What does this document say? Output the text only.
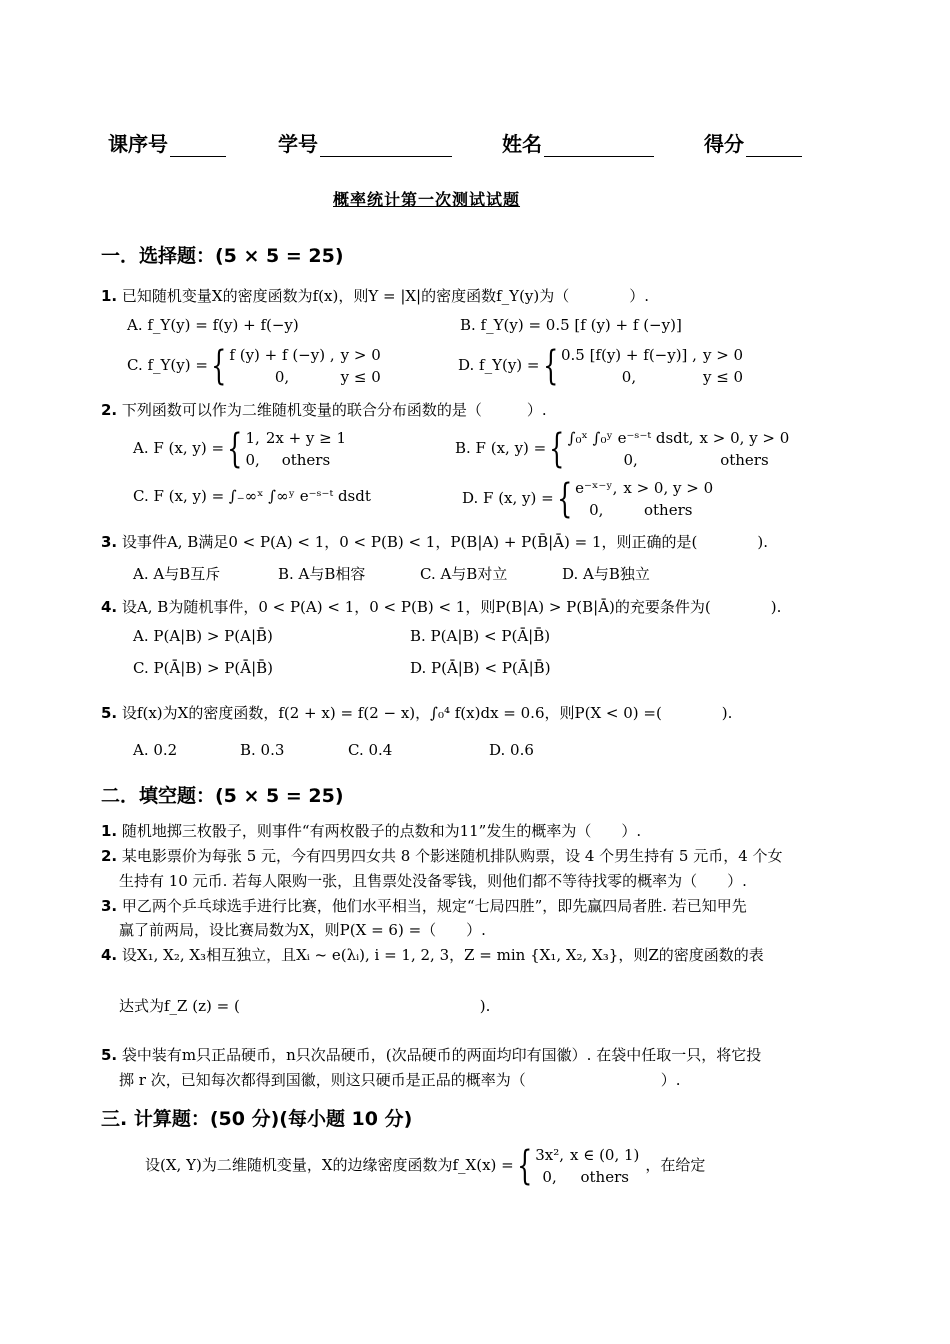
课序号	学号	姓名	得分
概率统计第一次测试试题
一．选择题：(5 × 5 = 25)
1. 已知随机变量X的密度函数为f(x)，则Y = |X|的密度函数f_Y(y)为（　　　　）.
A. f_Y(y) = f(y) + f(−y)	B. f_Y(y) = 0.5 [f (y) + f (−y)]
C. f_Y(y) ={ f (y) + f (−y) ,	y > 0
0,	y ≤ 0
D. f_Y(y) ={ 0.5 [f(y) + f(−y)] ,	y > 0
0,	y ≤ 0
2. 下列函数可以作为二维随机变量的联合分布函数的是（　　　）.
A. F (x, y) ={ 1,	2x + y ≥ 1
0,	others
B. F (x, y) ={ ∫₀ˣ ∫₀ʸ e⁻ˢ⁻ᵗ dsdt,	x > 0, y > 0
0,	others
C. F (x, y) = ∫₋∞ˣ ∫∞ʸ e⁻ˢ⁻ᵗ dsdt	D. F (x, y) ={ e⁻ˣ⁻ʸ,	x > 0, y > 0
0,	others
3. 设事件A, B满足0 < P(A) < 1，0 < P(B) < 1，P(B|A) + P(B̄|Ā) = 1，则正确的是(　　　　).
A. A与B互斥	B. A与B相容	C. A与B对立	D. A与B独立
4. 设A, B为随机事件，0 < P(A) < 1，0 < P(B) < 1，则P(B|A) > P(B|Ā)的充要条件为(　　　　).
A. P(A|B) > P(A|B̄)	B. P(A|B) < P(Ā|B̄)
C. P(Ā|B) > P(Ā|B̄)	D. P(Ā|B) < P(Ā|B̄)
5. 设f(x)为X的密度函数，f(2 + x) = f(2 − x)，∫₀⁴ f(x)dx = 0.6，则P(X < 0) =(　　　　).
A. 0.2	B. 0.3	C. 0.4	D. 0.6
二．填空题：(5 × 5 = 25)
1. 随机地掷三枚骰子，则事件“有两枚骰子的点数和为11”发生的概率为（　　）.
2. 某电影票价为每张 5 元，今有四男四女共 8 个影迷随机排队购票，设 4 个男生持有 5 元币，4 个女
生持有 10 元币. 若每人限购一张，且售票处没备零钱，则他们都不等待找零的概率为（　　）.
3. 甲乙两个乒乓球选手进行比赛，他们水平相当，规定“七局四胜”，即先赢四局者胜. 若已知甲先
赢了前两局，设比赛局数为X，则P(X = 6) =（　　）.
4. 设X₁, X₂, X₃相互独立，且Xᵢ ~ e(λᵢ), i = 1, 2, 3，Z = min {X₁, X₂, X₃}，则Z的密度函数的表
达式为f_Z (z) = (　　　　　　　　　　　　　　　　).
5. 袋中装有m只正品硬币，n只次品硬币，(次品硬币的两面均印有国徽）. 在袋中任取一只，将它投
掷 r 次，已知每次都得到国徽，则这只硬币是正品的概率为（　　　　　　　　　）.
三. 计算题：(50 分)(每小题 10 分)
设(X, Y)为二维随机变量，X的边缘密度函数为f_X(x) ={ 3x²,	x ∈ (0, 1)
0,	others
，在给定
